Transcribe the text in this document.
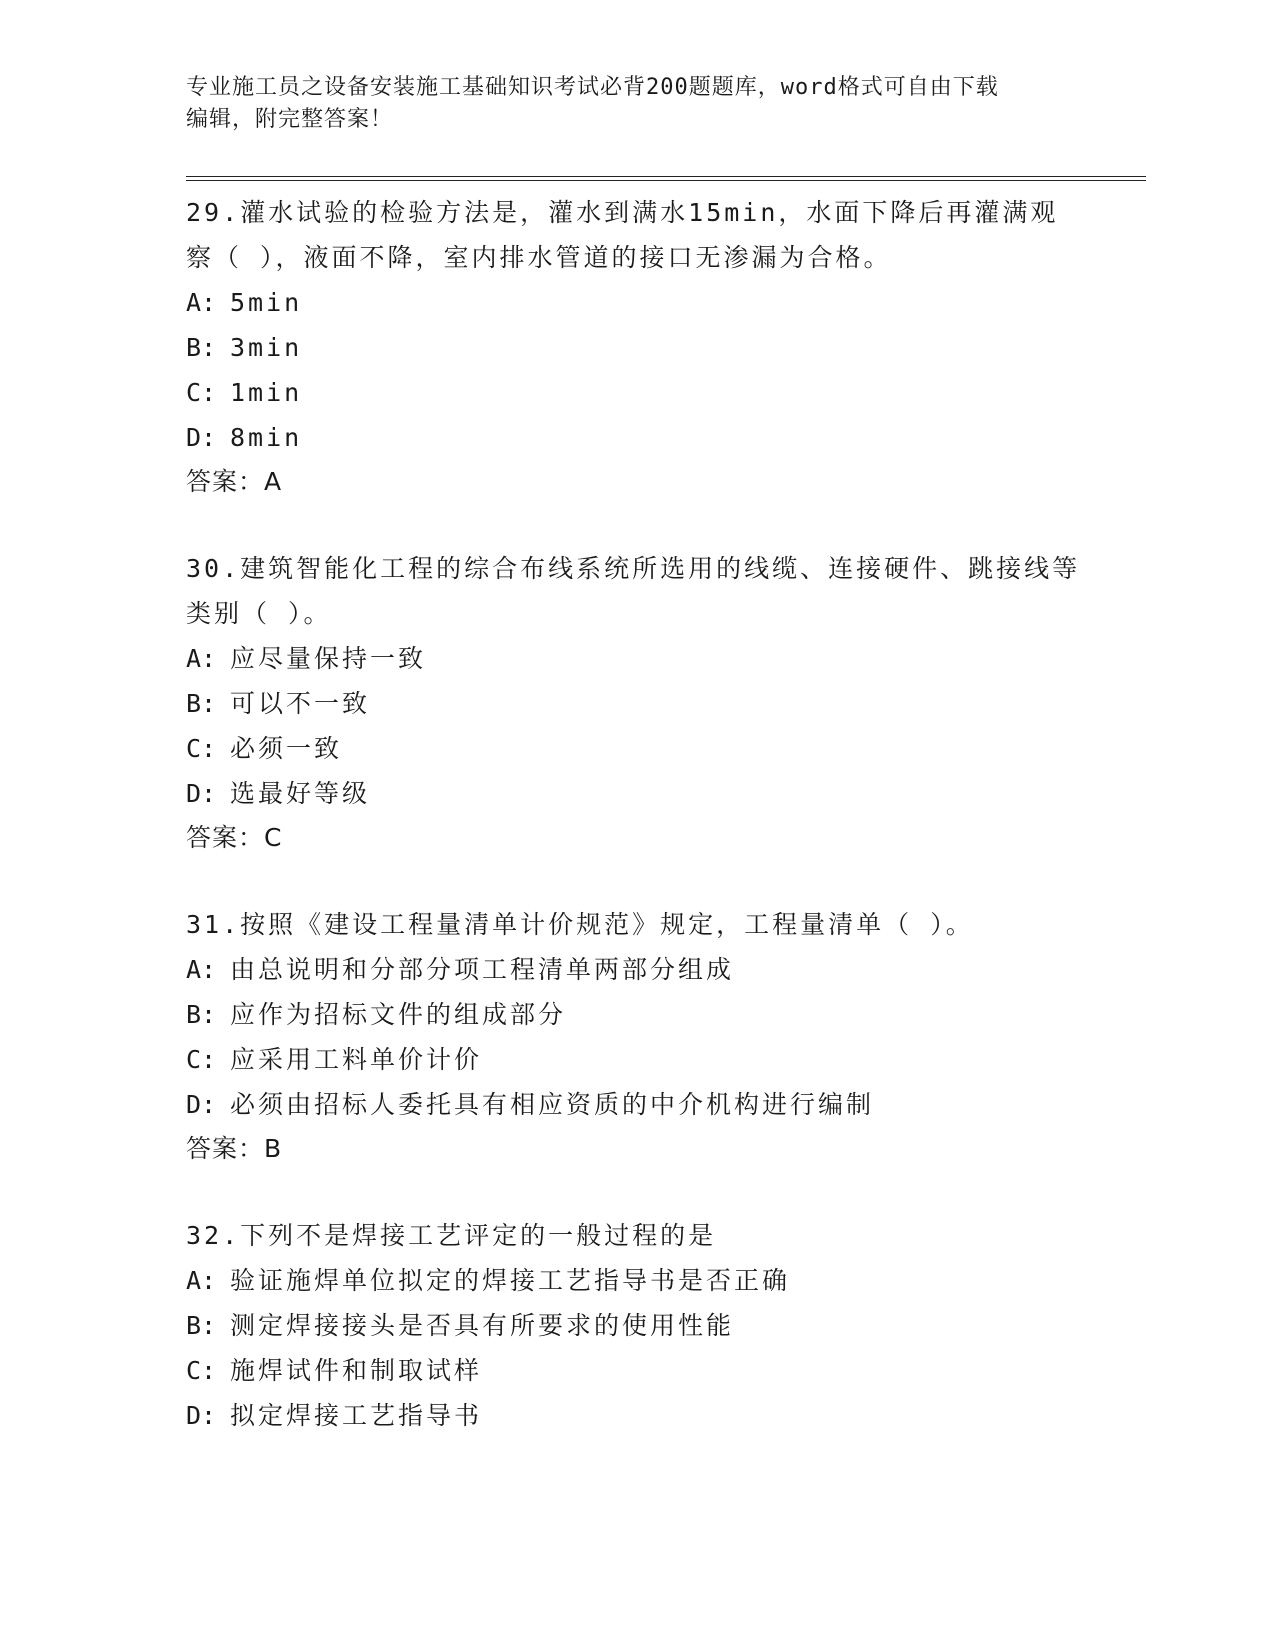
专业施工员之设备安装施工基础知识考试必背200题题库，word格式可自由下载
编辑，附完整答案！

29.灌水试验的检验方法是，灌水到满水15min，水面下降后再灌满观察（ ），液面不降，室内排水管道的接口无渗漏为合格。

A: 5min

B: 3min

C: 1min

D: 8min

答案：A

30.建筑智能化工程的综合布线系统所选用的线缆、连接硬件、跳接线等类别（ ）。

A: 应尽量保持一致

B: 可以不一致

C: 必须一致

D: 选最好等级

答案：C

31.按照《建设工程量清单计价规范》规定，工程量清单（ ）。

A: 由总说明和分部分项工程清单两部分组成

B: 应作为招标文件的组成部分

C: 应采用工料单价计价

D: 必须由招标人委托具有相应资质的中介机构进行编制

答案：B

32.下列不是焊接工艺评定的一般过程的是

A: 验证施焊单位拟定的焊接工艺指导书是否正确

B: 测定焊接接头是否具有所要求的使用性能

C: 施焊试件和制取试样

D: 拟定焊接工艺指导书
